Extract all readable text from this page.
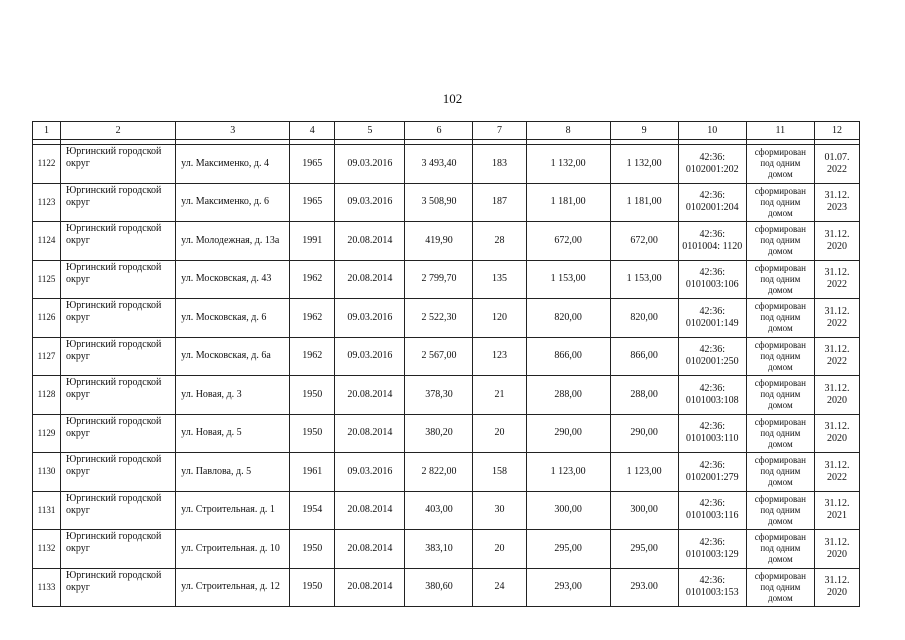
102
1	2	3	4	5	6	7	8	9	10	11	12

1122	Юргинский городской округ	ул. Максименко, д. 4	1965	09.03.2016	3 493,40	183	1 132,00	1 132,00	42:36: 0102001:202	сформирован под одним домом	01.07. 2022
1123	Юргинский городской округ	ул. Максименко, д. 6	1965	09.03.2016	3 508,90	187	1 181,00	1 181,00	42:36: 0102001:204	сформирован под одним домом	31.12. 2023
1124	Юргинский городской округ	ул. Молодежная, д. 13а	1991	20.08.2014	419,90	28	672,00	672,00	42:36: 0101004: 1120	сформирован под одним домом	31.12. 2020
1125	Юргинский городской округ	ул. Московская, д. 43	1962	20.08.2014	2 799,70	135	1 153,00	1 153,00	42:36: 0101003:106	сформирован под одним домом	31.12. 2022
1126	Юргинский городской округ	ул. Московская, д. 6	1962	09.03.2016	2 522,30	120	820,00	820,00	42:36: 0102001:149	сформирован под одним домом	31.12. 2022
1127	Юргинский городской округ	ул. Московская, д. 6а	1962	09.03.2016	2 567,00	123	866,00	866,00	42:36: 0102001:250	сформирован под одним домом	31.12. 2022
1128	Юргинский городской округ	ул. Новая, д. 3	1950	20.08.2014	378,30	21	288,00	288,00	42:36: 0101003:108	сформирован под одним домом	31.12. 2020
1129	Юргинский городской округ	ул. Новая, д. 5	1950	20.08.2014	380,20	20	290,00	290,00	42:36: 0101003:110	сформирован под одним домом	31.12. 2020
1130	Юргинский городской округ	ул. Павлова, д. 5	1961	09.03.2016	2 822,00	158	1 123,00	1 123,00	42:36: 0102001:279	сформирован под одним домом	31.12. 2022
1131	Юргинский городской округ	ул. Строительная. д. 1	1954	20.08.2014	403,00	30	300,00	300,00	42:36: 0101003:116	сформирован под одним домом	31.12. 2021
1132	Юргинский городской округ	ул. Строительная. д. 10	1950	20.08.2014	383,10	20	295,00	295,00	42:36: 0101003:129	сформирован под одним домом	31.12. 2020
1133	Юргинский городской округ	ул. Строительная, д. 12	1950	20.08.2014	380,60	24	293,00	293.00	42:36: 0101003:153	сформирован под одним домом	31.12. 2020
